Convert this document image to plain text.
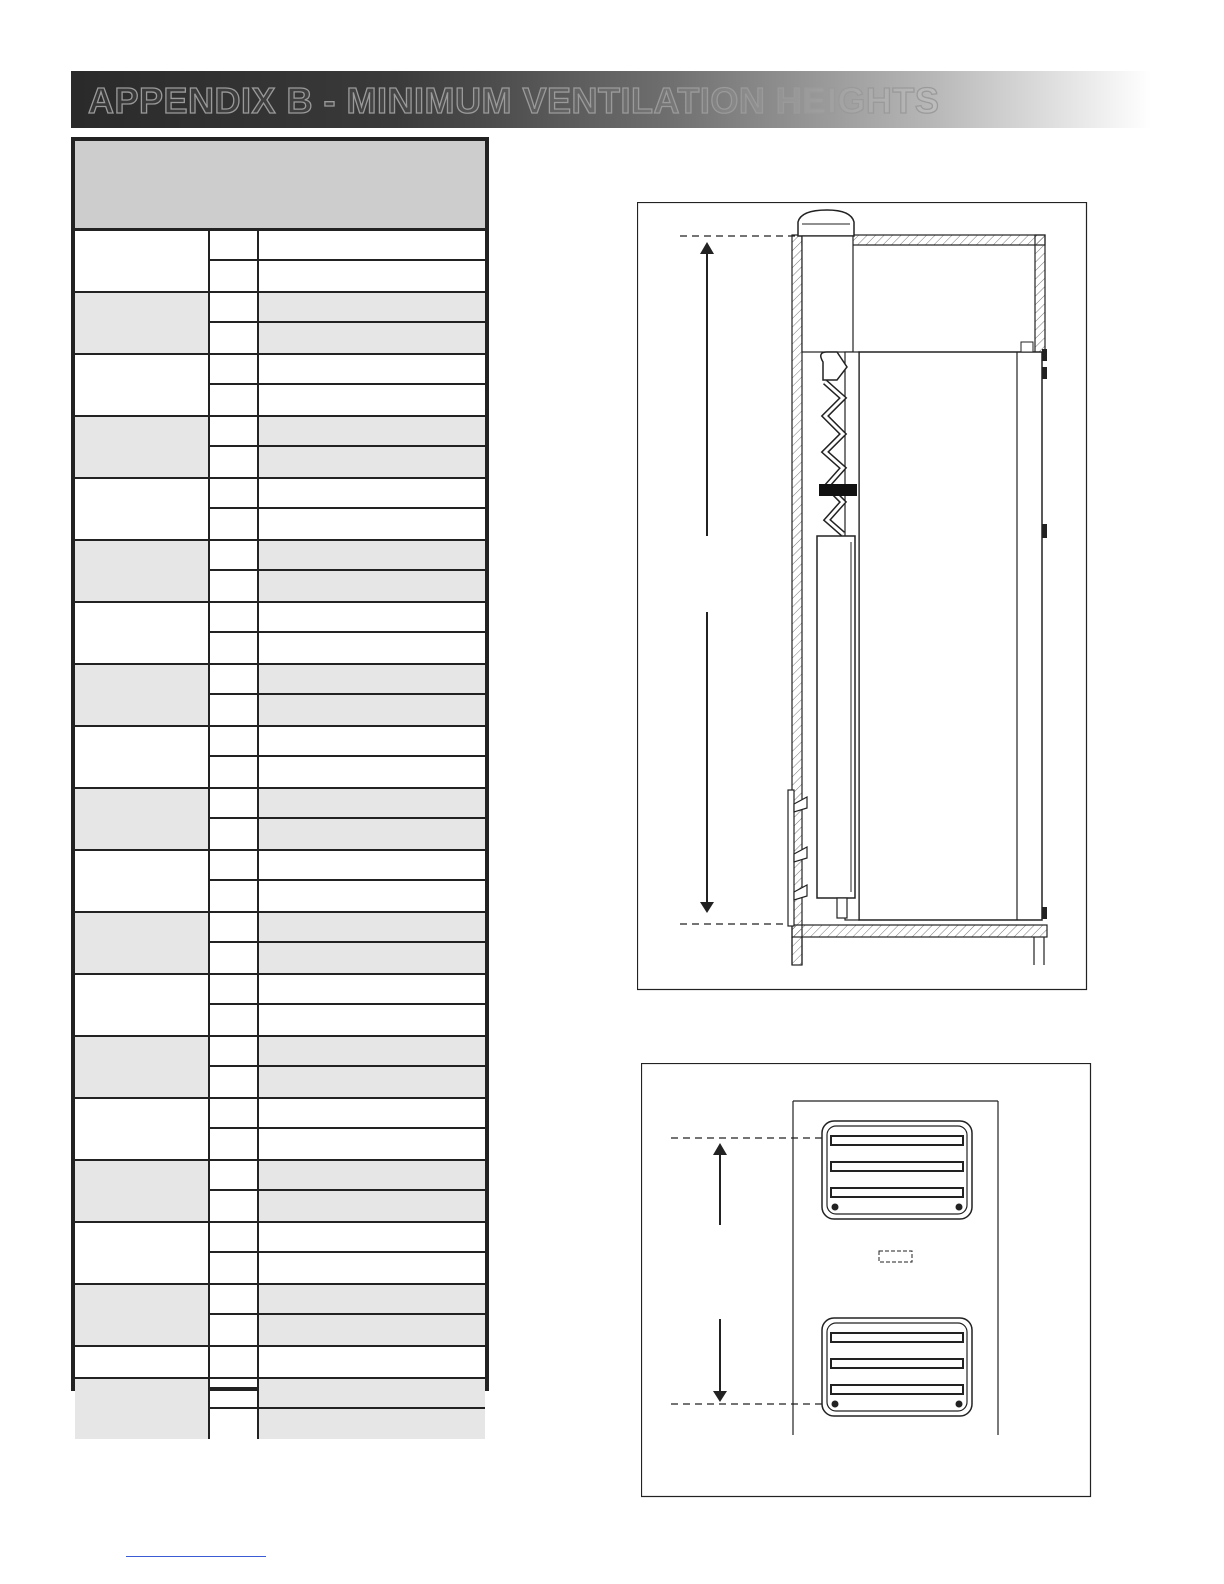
APPENDIX B - MINIMUM VENTILATION HEIGHTS
